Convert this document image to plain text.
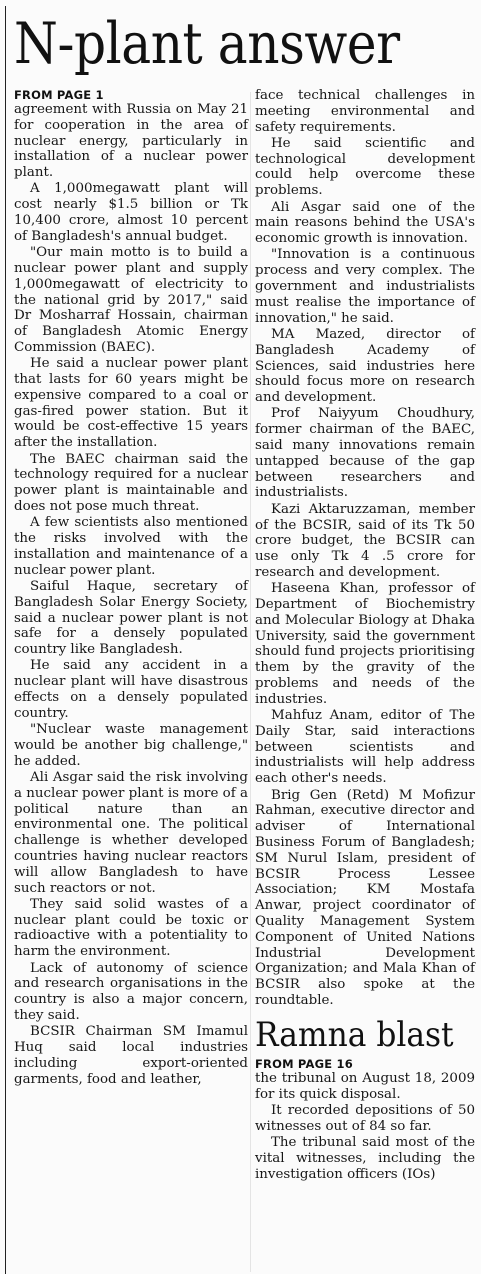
N-plant answer
FROM PAGE 1

agreement with Russia on May 21 for cooperation in the area of nuclear energy, particularly in installation of a nuclear power plant.

A 1,000megawatt plant will cost nearly $1.5 billion or Tk 10,400 crore, almost 10 percent of Bangladesh's annual budget.

"Our main motto is to build a nuclear power plant and supply 1,000megawatt of electricity to the national grid by 2017," said Dr Mosharraf Hossain, chairman of Bangladesh Atomic Energy Commission (BAEC).

He said a nuclear power plant that lasts for 60 years might be expensive compared to a coal or gas-fired power station. But it would be cost-effective 15 years after the installation.

The BAEC chairman said the technology required for a nuclear power plant is maintainable and does not pose much threat.

A few scientists also mentioned the risks involved with the installation and maintenance of a nuclear power plant.

Saiful Haque, secretary of Bangladesh Solar Energy Society, said a nuclear power plant is not safe for a densely populated country like Bangladesh.

He said any accident in a nuclear plant will have disastrous effects on a densely populated country.

"Nuclear waste management would be another big challenge," he added.

Ali Asgar said the risk involving a nuclear power plant is more of a political nature than an environmental one. The political challenge is whether developed countries having nuclear reactors will allow Bangladesh to have such reactors or not.

They said solid wastes of a nuclear plant could be toxic or radioactive with a potentiality to harm the environment.

Lack of autonomy of science and research organisations in the country is also a major concern, they said.

BCSIR Chairman SM Imamul Huq said local industries including export-oriented garments, food and leather,

face technical challenges in meeting environmental and safety requirements.

He said scientific and technological development could help overcome these problems.

Ali Asgar said one of the main reasons behind the USA's economic growth is innovation.

"Innovation is a continuous process and very complex. The government and industrialists must realise the importance of innovation," he said.

MA Mazed, director of Bangladesh Academy of Sciences, said industries here should focus more on research and development.

Prof Naiyyum Choudhury, former chairman of the BAEC, said many innovations remain untapped because of the gap between researchers and industrialists.

Kazi Aktaruzzaman, member of the BCSIR, said of its Tk 50 crore budget, the BCSIR can use only Tk 4 .5 crore for research and development.

Haseena Khan, professor of Department of Biochemistry and Molecular Biology at Dhaka University, said the government should fund projects prioritising them by the gravity of the problems and needs of the industries.

Mahfuz Anam, editor of The Daily Star, said interactions between scientists and industrialists will help address each other's needs.

Brig Gen (Retd) M Mofizur Rahman, executive director and adviser of International Business Forum of Bangladesh; SM Nurul Islam, president of BCSIR Process Lessee Association; KM Mostafa Anwar, project coordinator of Quality Management System Component of United Nations Industrial Development Organization; and Mala Khan of BCSIR also spoke at the roundtable.

Ramna blast
FROM PAGE 16

the tribunal on August 18, 2009 for its quick disposal.

It recorded depositions of 50 witnesses out of 84 so far.

The tribunal said most of the vital witnesses, including the investigation officers (IOs)
